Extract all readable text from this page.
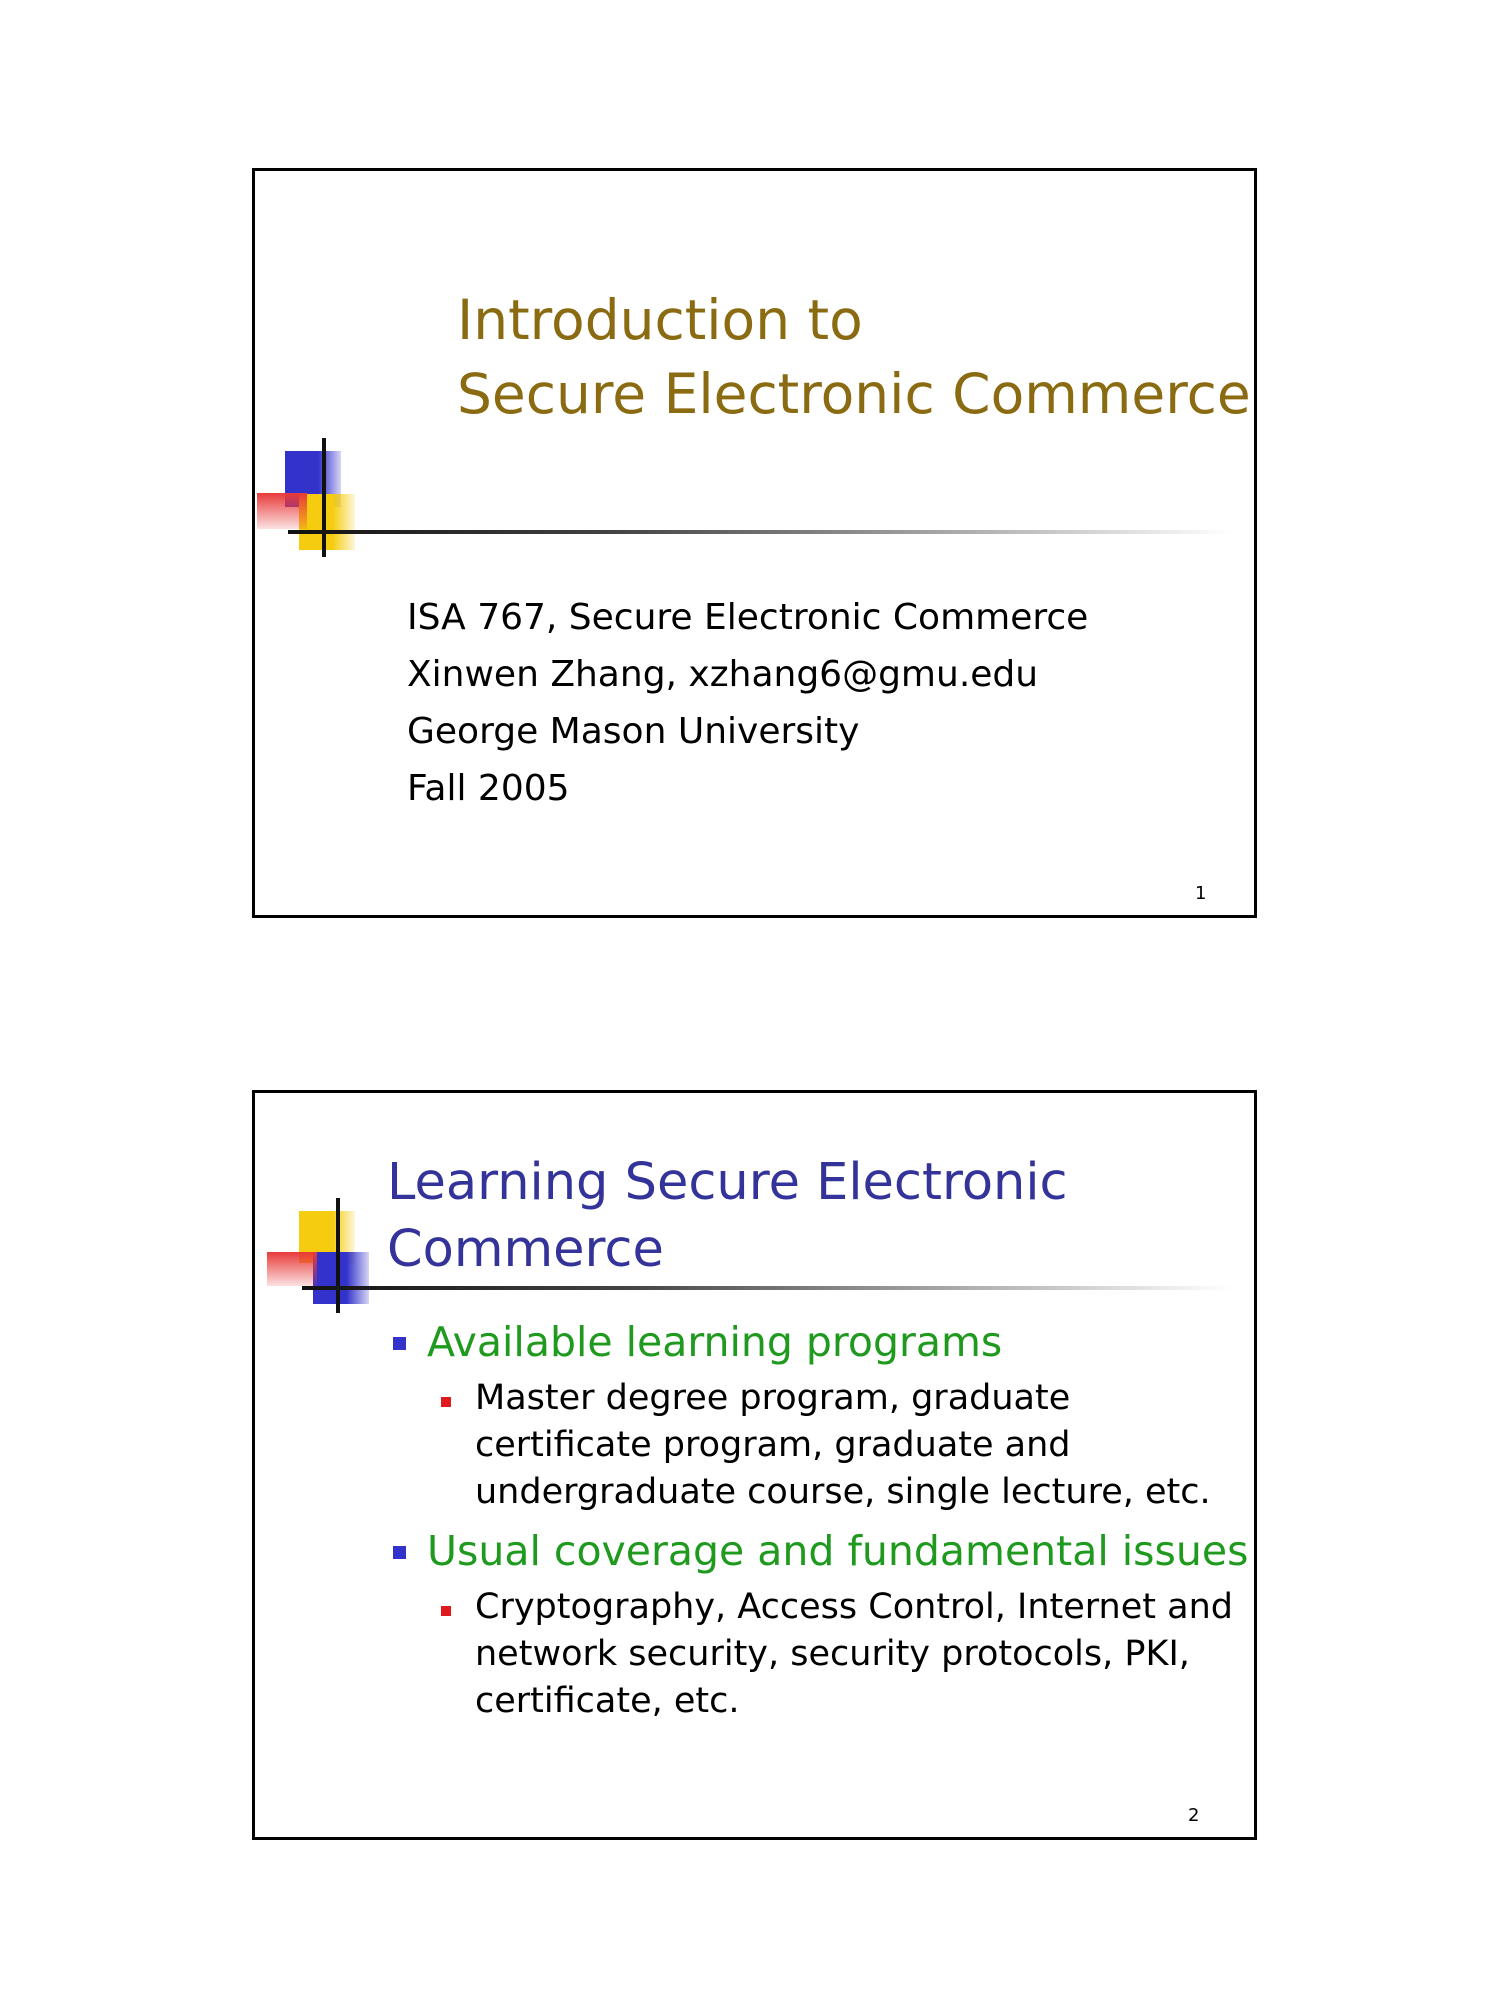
Introduction to
Secure Electronic Commerce
ISA 767, Secure Electronic Commerce
Xinwen Zhang, xzhang6@gmu.edu
George Mason University
Fall 2005
1
Learning Secure Electronic
Commerce
Available learning programs
Master degree program, graduate
certificate program, graduate and
undergraduate course, single lecture, etc.
Usual coverage and fundamental issues
Cryptography, Access Control, Internet and
network security, security protocols, PKI,
certificate, etc.
2
